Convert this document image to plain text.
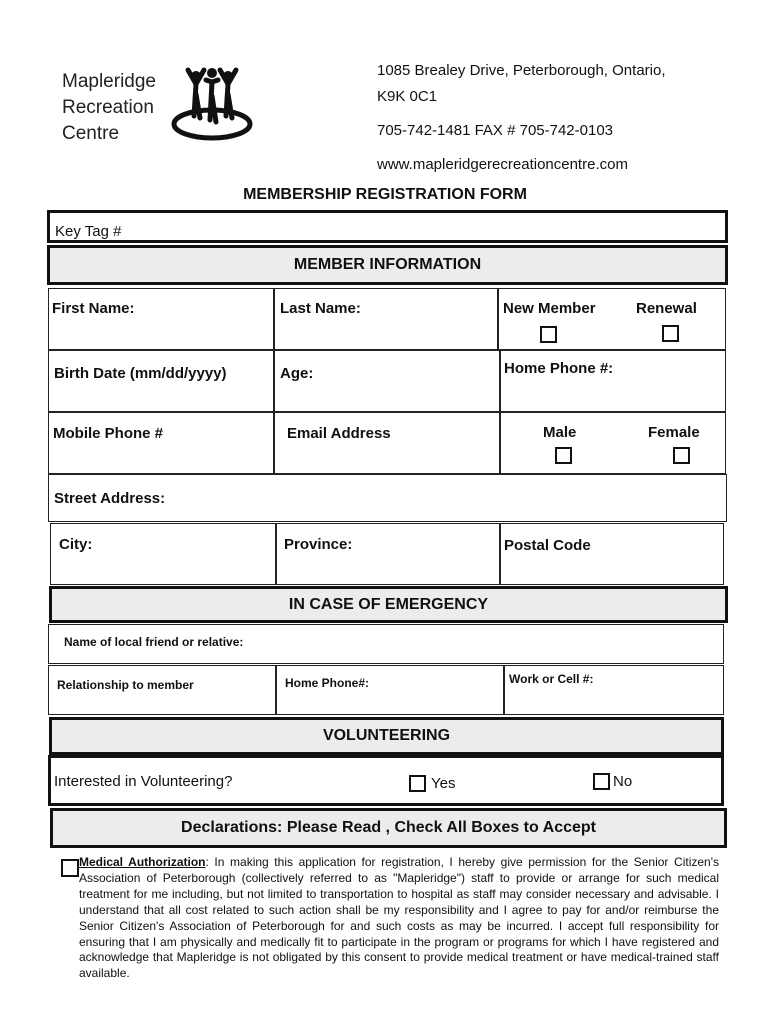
Mapleridge
Recreation
Centre
1085 Brealey Drive, Peterborough, Ontario,
K9K 0C1
705-742-1481 FAX # 705-742-0103
www.mapleridgerecreationcentre.com
MEMBERSHIP REGISTRATION FORM
Key Tag #
MEMBER INFORMATION
First Name:	Last Name:	New Member	Renewal
Birth Date (mm/dd/yyyy)	Age:	Home Phone #:
Mobile Phone #	Email Address	Male	Female
Street Address:
City:	Province:	Postal Code
IN CASE OF EMERGENCY
Name of local friend or relative:
Relationship to member	Home Phone#:	Work or Cell #:
VOLUNTEERING
Interested in Volunteering?	Yes	No
Declarations: Please Read , Check All Boxes to Accept
Medical Authorization: In making this application for registration, I hereby give permission for the Senior Citizen's Association of Peterborough (collectively referred to as "Mapleridge") staff to provide or arrange for such medical treatment for me including, but not limited to transportation to hospital as staff may consider necessary and advisable. I understand that all cost related to such action shall be my responsibility and I agree to pay for and/or reimburse the Senior Citizen's Association of Peterborough for and such costs as may be incurred. I accept full responsibility for ensuring that I am physically and medically fit to participate in the program or programs for which I have registered and acknowledge that Mapleridge is not obligated by this consent to provide medical treatment or have medical-trained staff available.
